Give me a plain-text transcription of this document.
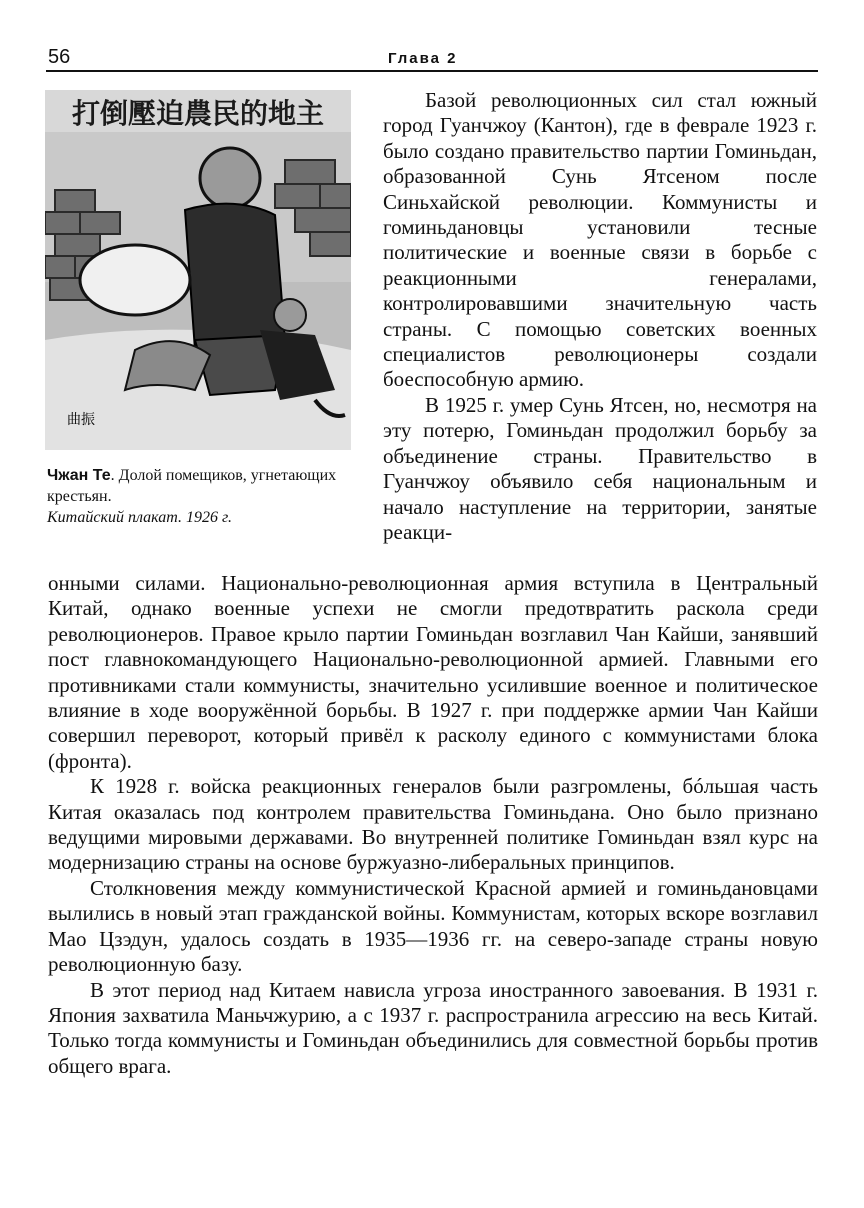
56	Глава 2
打倒壓迫農民的地主
曲振
Чжан Те. Долой помещиков, угнетающих крестьян.
Китайский плакат. 1926 г.

Базой революционных сил стал южный город Гуанчжоу (Кантон), где в феврале 1923 г. было создано правительство партии Гоминьдан, образованной Сунь Ятсеном после Синьхайской революции. Коммунисты и гоминьдановцы установили тесные политические и военные связи в борьбе с реакционными генералами, контролировавшими значительную часть страны. С помощью советских военных специалистов революционеры создали боеспособную армию.

В 1925 г. умер Сунь Ятсен, но, несмотря на эту потерю, Гоминьдан продолжил борьбу за объединение страны. Правительство в Гуанчжоу объявило себя национальным и начало наступление на территории, занятые реакци-

онными силами. Национально-революционная армия вступила в Центральный Китай, однако военные успехи не смогли предотвратить раскола среди революционеров. Правое крыло партии Гоминьдан возглавил Чан Кайши, занявший пост главнокомандующего Национально-революционной армией. Главными его противниками стали коммунисты, значительно усилившие военное и политическое влияние в ходе вооружённой борьбы. В 1927 г. при поддержке армии Чан Кайши совершил переворот, который привёл к расколу единого с коммунистами блока (фронта).

К 1928 г. войска реакционных генералов были разгромлены, бóльшая часть Китая оказалась под контролем правительства Гоминьдана. Оно было признано ведущими мировыми державами. Во внутренней политике Гоминьдан взял курс на модернизацию страны на основе буржуазно-либеральных принципов.

Столкновения между коммунистической Красной армией и гоминьдановцами вылились в новый этап гражданской войны. Коммунистам, которых вскоре возглавил Мао Цзэдун, удалось создать в 1935—1936 гг. на северо-западе страны новую революционную базу.

В этот период над Китаем нависла угроза иностранного завоевания. В 1931 г. Япония захватила Маньчжурию, а с 1937 г. распространила агрессию на весь Китай. Только тогда коммунисты и Гоминьдан объединились для совместной борьбы против общего врага.
